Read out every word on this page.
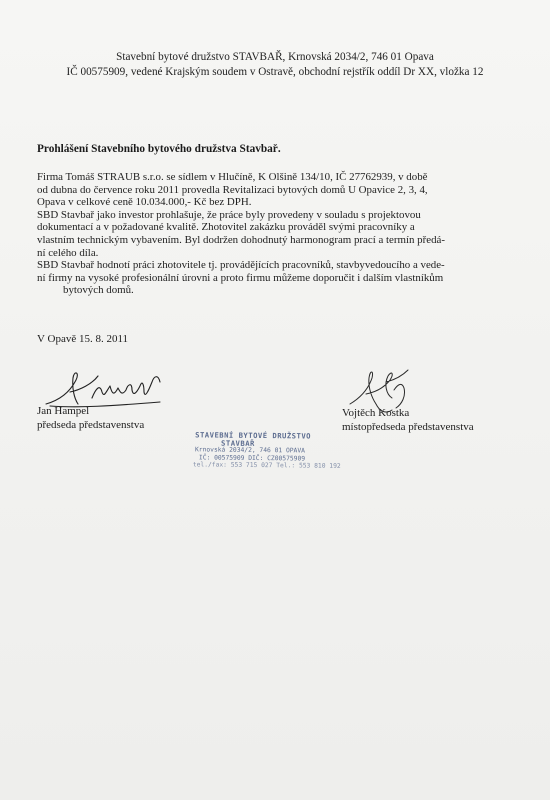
Stavební bytové družstvo STAVBAŘ, Krnovská 2034/2, 746 01 Opava
IČ 00575909, vedené Krajským soudem v Ostravě, obchodní rejstřík oddíl Dr XX, vložka 12
Prohlášení Stavebního bytového družstva Stavbař.
Firma Tomáš STRAUB s.r.o. se sídlem v Hlučíně, K Olšině 134/10, IČ 27762939, v době
od dubna do července roku 2011 provedla Revitalizaci bytových domů U Opavice 2, 3, 4,
Opava v celkové ceně 10.034.000,- Kč bez DPH.
SBD Stavbař jako investor prohlašuje, že práce byly provedeny v souladu s projektovou
dokumentací a v požadované kvalitě. Zhotovitel zakázku prováděl svými pracovníky a
vlastním technickým vybavením. Byl dodržen dohodnutý harmonogram prací a termín předá-
ní celého díla.
SBD Stavbař hodnotí práci zhotovitele tj. provádějících pracovníků, stavbyvedoucího a vede-
ní firmy na vysoké profesionální úrovni a proto firmu můžeme doporučit i dalším vlastníkům
bytových domů.
V Opavě 15. 8. 2011
Jan Hampel
předseda představenstva
Vojtěch Kostka
místopředseda představenstva
STAVEBNÍ BYTOVÉ DRUŽSTVO
STAVBAŘ
Krnovská 2034/2, 746 01 OPAVA
IČ: 00575909 DIČ: CZ00575909
tel./fax: 553 715 027 Tel.: 553 810 192
